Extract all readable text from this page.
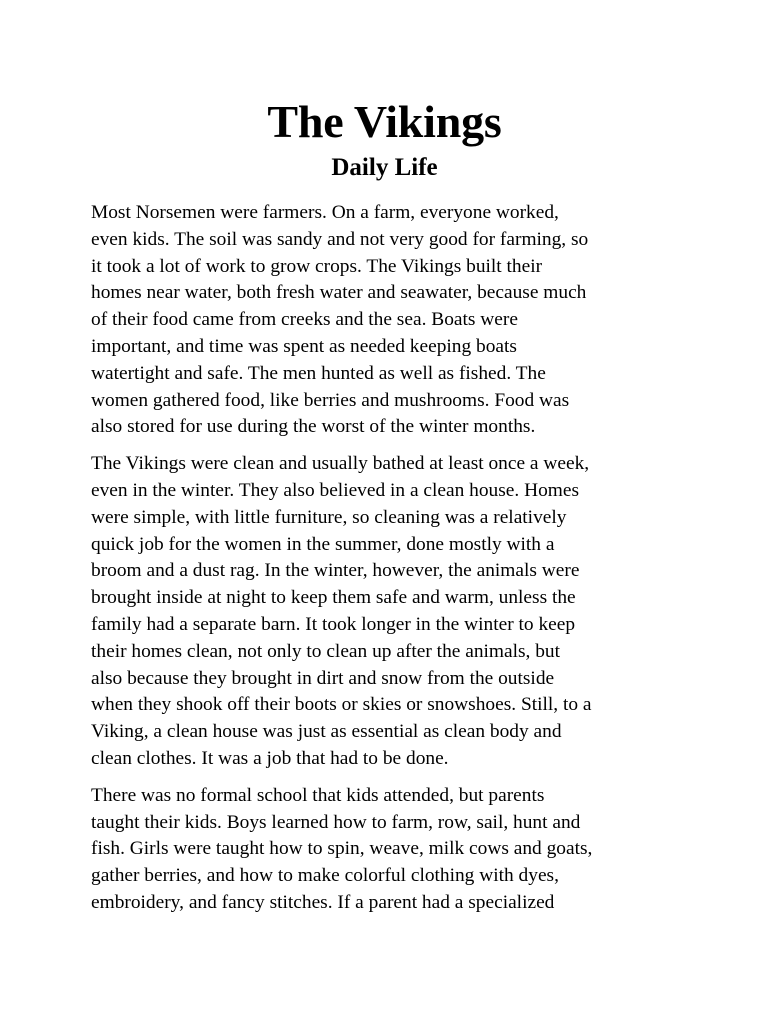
The Vikings
Daily Life

Most Norsemen were farmers. On a farm, everyone worked,
even kids. The soil was sandy and not very good for farming, so
it took a lot of work to grow crops. The Vikings built their
homes near water, both fresh water and seawater, because much
of their food came from creeks and the sea. Boats were
important, and time was spent as needed keeping boats
watertight and safe. The men hunted as well as fished. The
women gathered food, like berries and mushrooms. Food was
also stored for use during the worst of the winter months.

The Vikings were clean and usually bathed at least once a week,
even in the winter. They also believed in a clean house. Homes
were simple, with little furniture, so cleaning was a relatively
quick job for the women in the summer, done mostly with a
broom and a dust rag. In the winter, however, the animals were
brought inside at night to keep them safe and warm, unless the
family had a separate barn. It took longer in the winter to keep
their homes clean, not only to clean up after the animals, but
also because they brought in dirt and snow from the outside
when they shook off their boots or skies or snowshoes. Still, to a
Viking, a clean house was just as essential as clean body and
clean clothes. It was a job that had to be done.

There was no formal school that kids attended, but parents
taught their kids. Boys learned how to farm, row, sail, hunt and
fish. Girls were taught how to spin, weave, milk cows and goats,
gather berries, and how to make colorful clothing with dyes,
embroidery, and fancy stitches. If a parent had a specialized
